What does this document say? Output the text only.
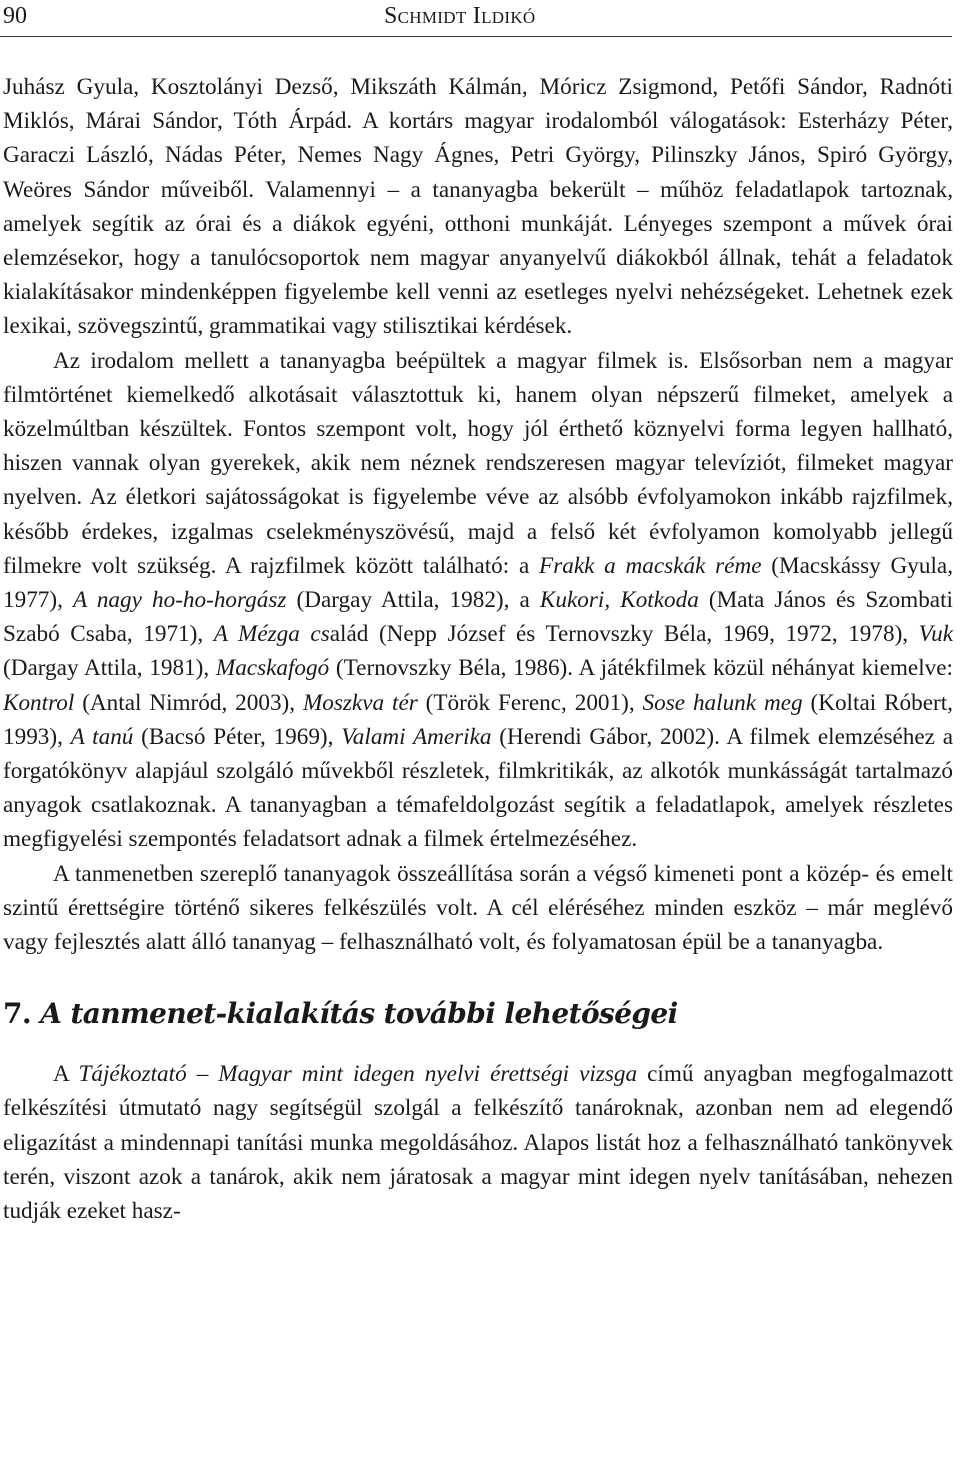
90	Schmidt Ildikó

Juhász Gyula, Kosztolányi Dezső, Mikszáth Kálmán, Móricz Zsigmond, Petőfi Sándor, Radnóti Miklós, Márai Sándor, Tóth Árpád. A kortárs magyar irodalomból válogatások: Esterházy Péter, Garaczi László, Nádas Péter, Nemes Nagy Ágnes, Petri György, Pilinszky János, Spiró György, Weöres Sándor műveiből. Valamennyi – a tananyagba bekerült – műhöz feladatlapok tartoznak, amelyek segítik az órai és a diákok egyéni, otthoni munkáját. Lényeges szempont a művek órai elemzésekor, hogy a tanulócsoportok nem magyar anyanyelvű diákokból állnak, tehát a feladatok kialakításakor mindenképpen figyelembe kell venni az esetleges nyelvi nehézségeket. Lehetnek ezek lexikai, szövegszintű, grammatikai vagy stilisztikai kérdések.

Az irodalom mellett a tananyagba beépültek a magyar filmek is. Elsősorban nem a magyar filmtörténet kiemelkedő alkotásait választottuk ki, hanem olyan népszerű filmeket, amelyek a közelmúltban készültek. Fontos szempont volt, hogy jól érthető köznyelvi forma legyen hallható, hiszen vannak olyan gyerekek, akik nem néznek rendszeresen magyar televíziót, filmeket magyar nyelven. Az életkori sajátosságokat is figyelembe véve az alsóbb évfolyamokon inkább rajzfilmek, később érdekes, izgalmas cselekményszövésű, majd a felső két évfolyamon komolyabb jellegű filmekre volt szükség. A rajzfilmek között található: a Frakk a macskák réme (Macskássy Gyula, 1977), A nagy ho-ho-horgász (Dargay Attila, 1982), a Kukori, Kotkoda (Mata János és Szombati Szabó Csaba, 1971), A Mézga család (Nepp József és Ternovszky Béla, 1969, 1972, 1978), Vuk (Dargay Attila, 1981), Macskafogó (Ternovszky Béla, 1986). A játékfilmek közül néhányat kiemelve: Kontrol (Antal Nimród, 2003), Moszkva tér (Török Ferenc, 2001), Sose halunk meg (Koltai Róbert, 1993), A tanú (Bacsó Péter, 1969), Valami Amerika (Herendi Gábor, 2002). A filmek elemzéséhez a forgatókönyv alapjául szolgáló művekből részletek, filmkritikák, az alkotók munkásságát tartalmazó anyagok csatlakoznak. A tananyagban a témafeldolgozást segítik a feladatlapok, amelyek részletes megfigyelési szempontés feladatsort adnak a filmek értelmezéséhez.

A tanmenetben szereplő tananyagok összeállítása során a végső kimeneti pont a közép- és emelt szintű érettségire történő sikeres felkészülés volt. A cél eléréséhez minden eszköz – már meglévő vagy fejlesztés alatt álló tananyag – felhasználható volt, és folyamatosan épül be a tananyagba.

7. A tanmenet-kialakítás további lehetőségei

A Tájékoztató – Magyar mint idegen nyelvi érettségi vizsga című anyagban megfogalmazott felkészítési útmutató nagy segítségül szolgál a felkészítő tanároknak, azonban nem ad elegendő eligazítást a mindennapi tanítási munka megoldásához. Alapos listát hoz a felhasználható tankönyvek terén, viszont azok a tanárok, akik nem járatosak a magyar mint idegen nyelv tanításában, nehezen tudják ezeket hasz-
